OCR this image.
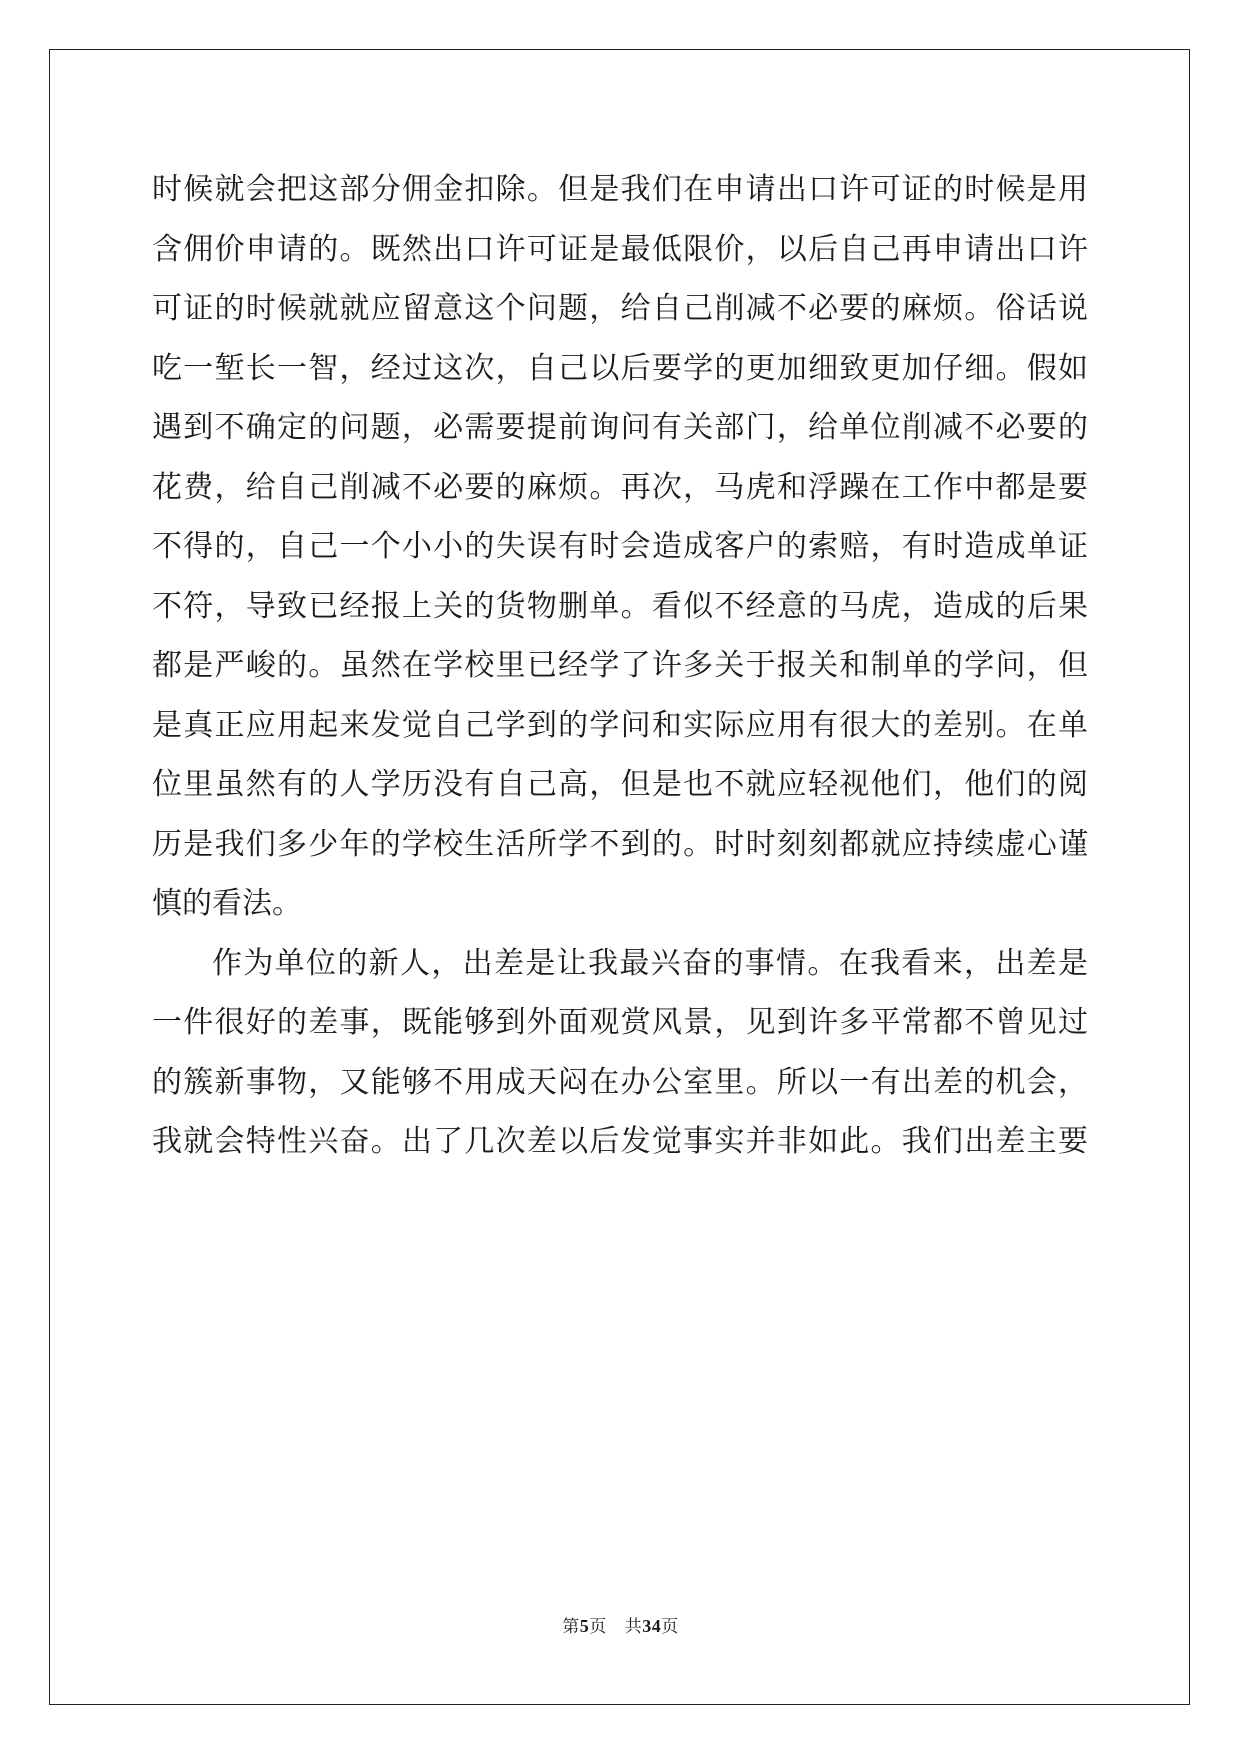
时候就会把这部分佣金扣除。但是我们在申请出口许可证的时候是用
含佣价申请的。既然出口许可证是最低限价，以后自己再申请出口许
可证的时候就就应留意这个问题，给自己削减不必要的麻烦。俗话说
吃一堑长一智，经过这次，自己以后要学的更加细致更加仔细。假如
遇到不确定的问题，必需要提前询问有关部门，给单位削减不必要的
花费，给自己削减不必要的麻烦。再次，马虎和浮躁在工作中都是要
不得的，自己一个小小的失误有时会造成客户的索赔，有时造成单证
不符，导致已经报上关的货物删单。看似不经意的马虎，造成的后果
都是严峻的。虽然在学校里已经学了许多关于报关和制单的学问，但
是真正应用起来发觉自己学到的学问和实际应用有很大的差别。在单
位里虽然有的人学历没有自己高，但是也不就应轻视他们，他们的阅
历是我们多少年的学校生活所学不到的。时时刻刻都就应持续虚心谨
慎的看法。
作为单位的新人，出差是让我最兴奋的事情。在我看来，出差是
一件很好的差事，既能够到外面观赏风景，见到许多平常都不曾见过
的簇新事物，又能够不用成天闷在办公室里。所以一有出差的机会，
我就会特性兴奋。出了几次差以后发觉事实并非如此。我们出差主要
第5页 共34页
